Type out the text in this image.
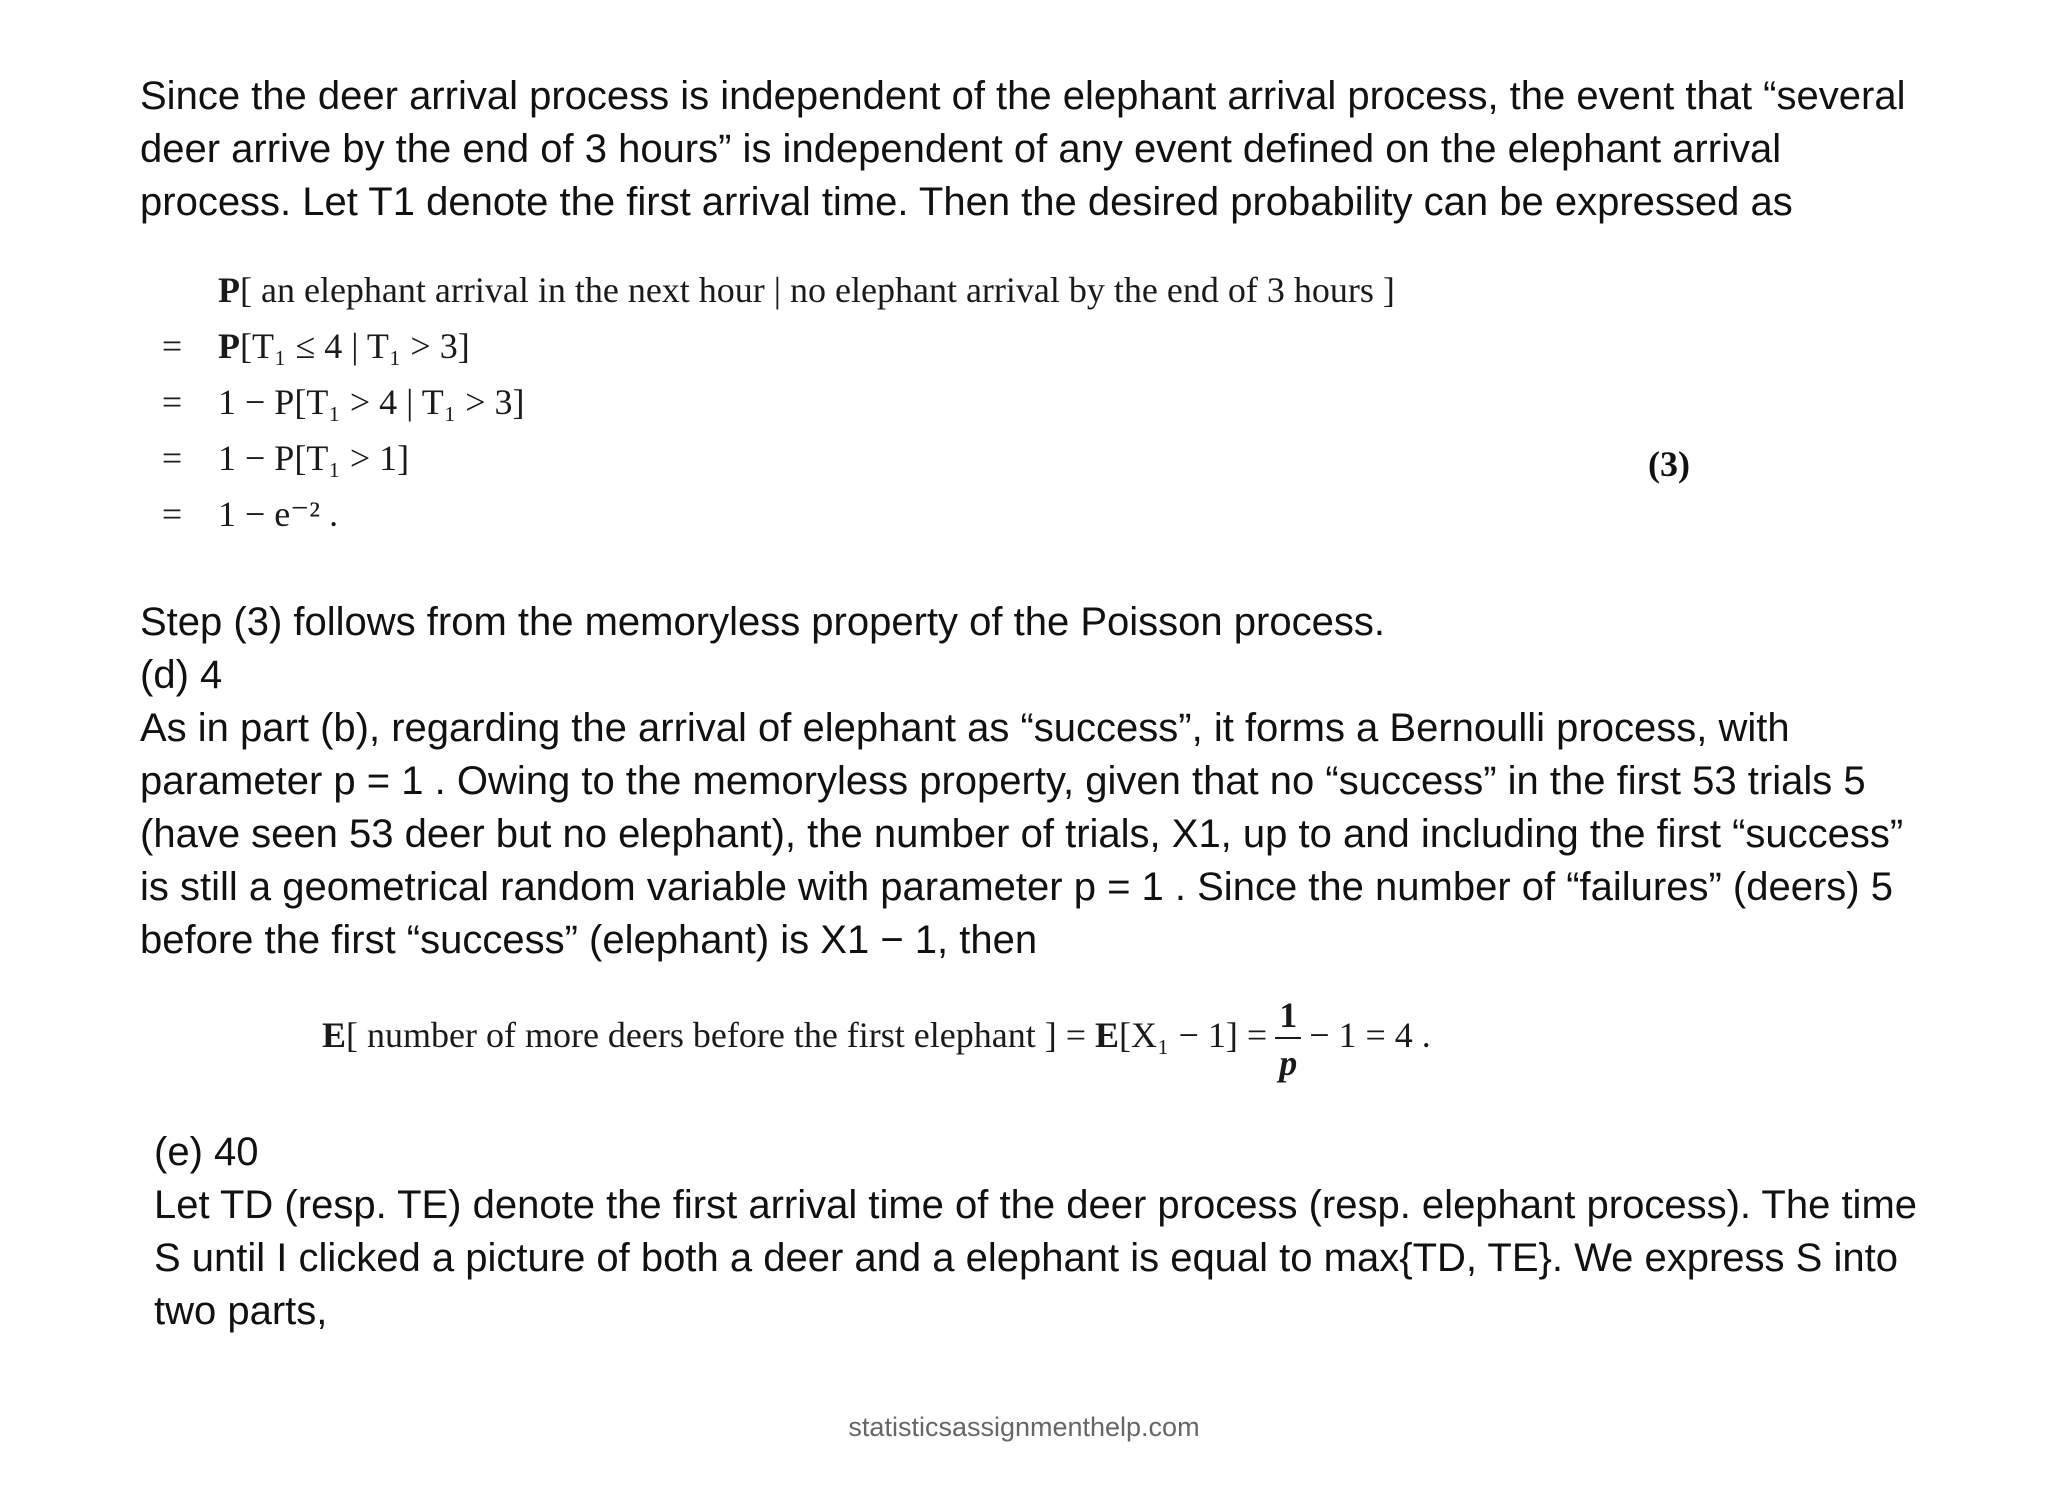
Since the deer arrival process is independent of the elephant arrival process, the event that “several
deer arrive by the end of 3 hours” is independent of any event defined on the elephant arrival
process. Let T1 denote the first arrival time. Then the desired probability can be expressed as
P[ an elephant arrival in the next hour | no elephant arrival by the end of 3 hours ]
= P[T₁ ≤ 4 | T₁ > 3]
= 1 − P[T₁ > 4 | T₁ > 3]
= 1 − P[T₁ > 1]
= 1 − e⁻² .
(3)
Step (3) follows from the memoryless property of the Poisson process.
(d) 4
As in part (b), regarding the arrival of elephant as “success”, it forms a Bernoulli process, with
parameter p = 1 . Owing to the memoryless property, given that no “success” in the first 53 trials 5
(have seen 53 deer but no elephant), the number of trials, X1, up to and including the first “success”
is still a geometrical random variable with parameter p = 1 . Since the number of “failures” (deers) 5
before the first “success” (elephant) is X1 − 1, then
E[ number of more deers before the first elephant ] = $E[X_1 - 1] = \frac{1}{p} - 1 = 4$ .
(e) 40
Let TD (resp. TE) denote the first arrival time of the deer process (resp. elephant process). The time
S until I clicked a picture of both a deer and a elephant is equal to max{TD, TE}. We express S into
two parts,
statisticsassignmenthelp.com
